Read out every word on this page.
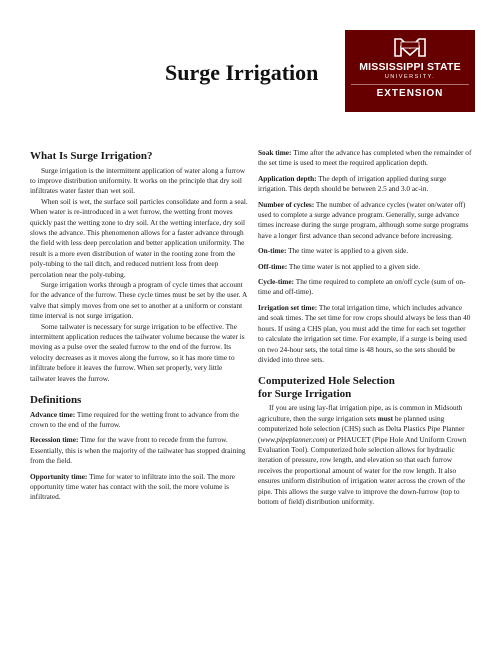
Surge Irrigation	MISSISSIPPI STATE
UNIVERSITY.
EXTENSION
What Is Surge Irrigation?

Surge irrigation is the intermittent application of water along a furrow to improve distribution uniformity. It works on the principle that dry soil infiltrates water faster than wet soil.

When soil is wet, the surface soil particles consolidate and form a seal. When water is re-introduced in a wet furrow, the wetting front moves quickly past the wetting zone to dry soil. At the wetting interface, dry soil slows the advance. This phenomenon allows for a faster advance through the field with less deep percolation and better application uniformity. The result is a more even distribution of water in the rooting zone from the poly-tubing to the tail ditch, and reduced nutrient loss from deep percolation near the poly-tubing.

Surge irrigation works through a program of cycle times that account for the advance of the furrow. These cycle times must be set by the user. A valve that simply moves from one set to another at a uniform or constant time interval is not surge irrigation.

Some tailwater is necessary for surge irrigation to be effective. The intermittent application reduces the tailwater volume because the water is moving as a pulse over the sealed furrow to the end of the furrow. Its velocity decreases as it moves along the furrow, so it has more time to infiltrate before it leaves the furrow. When set properly, very little tailwater leaves the furrow.

Definitions

Advance time: Time required for the wetting front to advance from the crown to the end of the furrow.

Recession time: Time for the wave front to recede from the furrow. Essentially, this is when the majority of the tailwater has stopped draining from the field.

Opportunity time: Time for water to infiltrate into the soil. The more opportunity time water has contact with the soil, the more volume is infiltrated.

Soak time: Time after the advance has completed when the remainder of the set time is used to meet the required application depth.

Application depth: The depth of irrigation applied during surge irrigation. This depth should be between 2.5 and 3.0 ac-in.

Number of cycles: The number of advance cycles (water on/water off) used to complete a surge advance program. Generally, surge advance times increase during the surge program, although some surge programs have a longer first advance than second advance before increasing.

On-time: The time water is applied to a given side.

Off-time: The time water is not applied to a given side.

Cycle-time: The time required to complete an on/off cycle (sum of on-time and off-time).

Irrigation set time: The total irrigation time, which includes advance and soak times. The set time for row crops should always be less than 40 hours. If using a CHS plan, you must add the time for each set together to calculate the irrigation set time. For example, if a surge is being used on two 24-hour sets, the total time is 48 hours, so the sets should be divided into three sets.

Computerized Hole Selection
for Surge Irrigation

If you are using lay-flat irrigation pipe, as is common in Midsouth agriculture, then the surge irrigation sets must be planned using computerized hole selection (CHS) such as Delta Plastics Pipe Planner (www.pipeplanner.com) or PHAUCET (Pipe Hole And Uniform Crown Evaluation Tool). Computerized hole selection allows for hydraulic iteration of pressure, row length, and elevation so that each furrow receives the proportional amount of water for the row length. It also ensures uniform distribution of irrigation water across the crown of the pipe. This allows the surge valve to improve the down-furrow (top to bottom of field) distribution uniformity.
